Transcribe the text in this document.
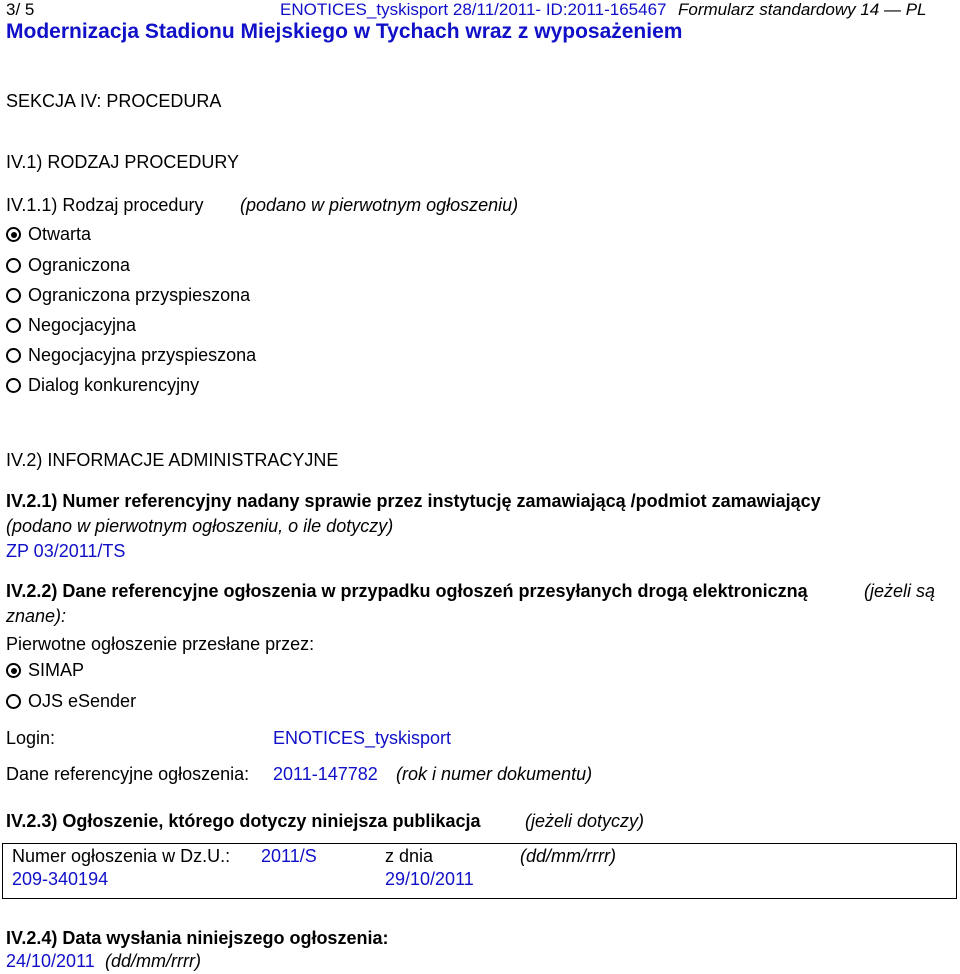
3/ 5	ENOTICES_tyskisport 28/11/2011- ID:2011-165467 Formularz standardowy 14 — PL
Modernizacja Stadionu Miejskiego w Tychach wraz z wyposażeniem
SEKCJA IV: PROCEDURA
IV.1) RODZAJ PROCEDURY
IV.1.1) Rodzaj procedury (podano w pierwotnym ogłoszeniu)
Otwarta
Ograniczona
Ograniczona przyspieszona
Negocjacyjna
Negocjacyjna przyspieszona
Dialog konkurencyjny
IV.2) INFORMACJE ADMINISTRACYJNE
IV.2.1) Numer referencyjny nadany sprawie przez instytucję zamawiającą /podmiot zamawiający
(podano w pierwotnym ogłoszeniu, o ile dotyczy)
ZP 03/2011/TS
IV.2.2) Dane referencyjne ogłoszenia w przypadku ogłoszeń przesyłanych drogą elektroniczną	(jeżeli są
znane):
Pierwotne ogłoszenie przesłane przez:
SIMAP
OJS eSender
Login:	ENOTICES_tyskisport
Dane referencyjne ogłoszenia: 2011-147782 (rok i numer dokumentu)
IV.2.3) Ogłoszenie, którego dotyczy niniejsza publikacja (jeżeli dotyczy)
Numer ogłoszenia w Dz.U.: 2011/S	z dnia	(dd/mm/rrrr)
209-340194	29/10/2011
IV.2.4) Data wysłania niniejszego ogłoszenia:
24/10/2011 (dd/mm/rrrr)
